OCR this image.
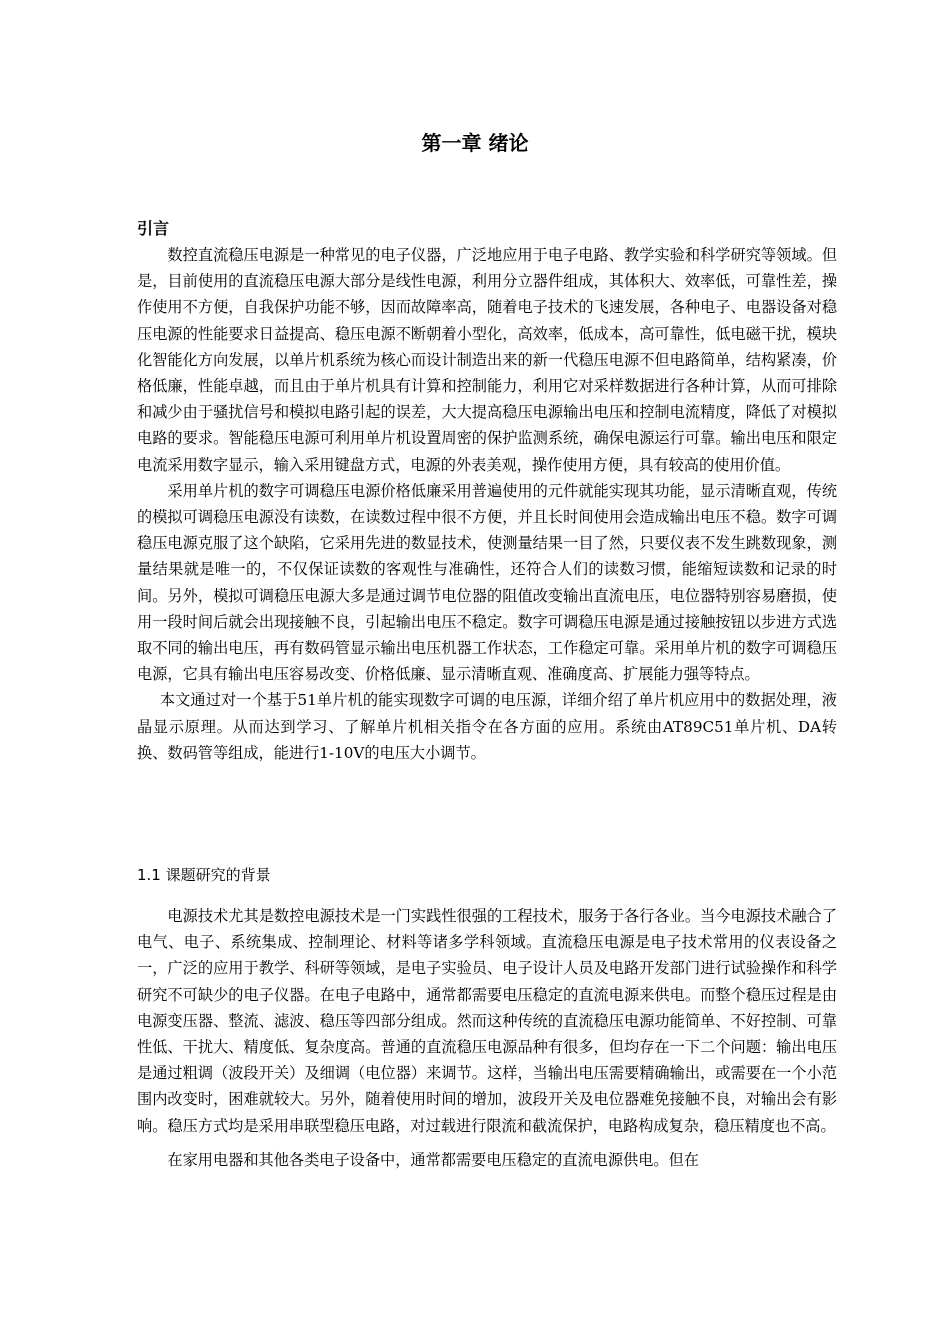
第一章 绪论
引言

数控直流稳压电源是一种常见的电子仪器，广泛地应用于电子电路、教学实验和科学研究等领域。但是，目前使用的直流稳压电源大部分是线性电源，利用分立器件组成，其体积大、效率低，可靠性差，操作使用不方便，自我保护功能不够，因而故障率高，随着电子技术的飞速发展，各种电子、电器设备对稳压电源的性能要求日益提高、稳压电源不断朝着小型化，高效率，低成本，高可靠性，低电磁干扰，模块化智能化方向发展，以单片机系统为核心而设计制造出来的新一代稳压电源不但电路简单，结构紧凑，价格低廉，性能卓越，而且由于单片机具有计算和控制能力，利用它对采样数据进行各种计算，从而可排除和减少由于骚扰信号和模拟电路引起的误差，大大提高稳压电源输出电压和控制电流精度，降低了对模拟电路的要求。智能稳压电源可利用单片机设置周密的保护监测系统，确保电源运行可靠。输出电压和限定电流采用数字显示，输入采用键盘方式，电源的外表美观，操作使用方便，具有较高的使用价值。

采用单片机的数字可调稳压电源价格低廉采用普遍使用的元件就能实现其功能，显示清晰直观，传统的模拟可调稳压电源没有读数，在读数过程中很不方便，并且长时间使用会造成输出电压不稳。数字可调稳压电源克服了这个缺陷，它采用先进的数显技术，使测量结果一目了然，只要仪表不发生跳数现象，测量结果就是唯一的，不仅保证读数的客观性与准确性，还符合人们的读数习惯，能缩短读数和记录的时间。另外，模拟可调稳压电源大多是通过调节电位器的阻值改变输出直流电压，电位器特别容易磨损，使用一段时间后就会出现接触不良，引起输出电压不稳定。数字可调稳压电源是通过接触按钮以步进方式选取不同的输出电压，再有数码管显示输出电压机器工作状态，工作稳定可靠。采用单片机的数字可调稳压电源，它具有输出电压容易改变、价格低廉、显示清晰直观、准确度高、扩展能力强等特点。

本文通过对一个基于51单片机的能实现数字可调的电压源，详细介绍了单片机应用中的数据处理，液晶显示原理。从而达到学习、了解单片机相关指令在各方面的应用。系统由AT89C51单片机、DA转换、数码管等组成，能进行1-10V的电压大小调节。

1.1 课题研究的背景

电源技术尤其是数控电源技术是一门实践性很强的工程技术，服务于各行各业。当今电源技术融合了电气、电子、系统集成、控制理论、材料等诸多学科领域。直流稳压电源是电子技术常用的仪表设备之一，广泛的应用于教学、科研等领域，是电子实验员、电子设计人员及电路开发部门进行试验操作和科学研究不可缺少的电子仪器。在电子电路中，通常都需要电压稳定的直流电源来供电。而整个稳压过程是由电源变压器、整流、滤波、稳压等四部分组成。然而这种传统的直流稳压电源功能简单、不好控制、可靠性低、干扰大、精度低、复杂度高。普通的直流稳压电源品种有很多，但均存在一下二个问题：输出电压是通过粗调（波段开关）及细调（电位器）来调节。这样，当输出电压需要精确输出，或需要在一个小范围内改变时，困难就较大。另外，随着使用时间的增加，波段开关及电位器难免接触不良，对输出会有影响。稳压方式均是采用串联型稳压电路，对过载进行限流和截流保护，电路构成复杂，稳压精度也不高。

在家用电器和其他各类电子设备中，通常都需要电压稳定的直流电源供电。但在
